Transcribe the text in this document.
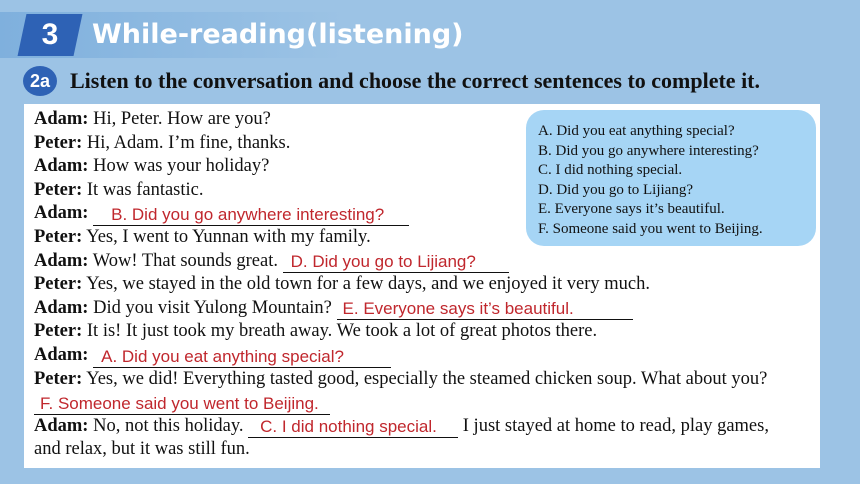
3	While-reading(listening)
2a Listen to the conversation and choose the correct sentences to complete it.
Adam: Hi, Peter. How are you?
Peter: Hi, Adam. I’m fine, thanks.
Adam: How was your holiday?
Peter: It was fantastic.
Adam: B. Did you go anywhere interesting?
Peter: Yes, I went to Yunnan with my family.
Adam: Wow! That sounds great. D. Did you go to Lijiang?
Peter: Yes, we stayed in the old town for a few days, and we enjoyed it very much.
Adam: Did you visit Yulong Mountain? E. Everyone says it’s beautiful.
Peter: It is! It just took my breath away. We took a lot of great photos there.
Adam: A. Did you eat anything special?
Peter: Yes, we did! Everything tasted good, especially the steamed chicken soup. What about you?
F. Someone said you went to Beijing.
Adam: No, not this holiday. C. I did nothing special. I just stayed at home to read, play games,
and relax, but it was still fun.
A. Did you eat anything special?
B. Did you go anywhere interesting?
C. I did nothing special.
D. Did you go to Lijiang?
E. Everyone says it’s beautiful.
F. Someone said you went to Beijing.
